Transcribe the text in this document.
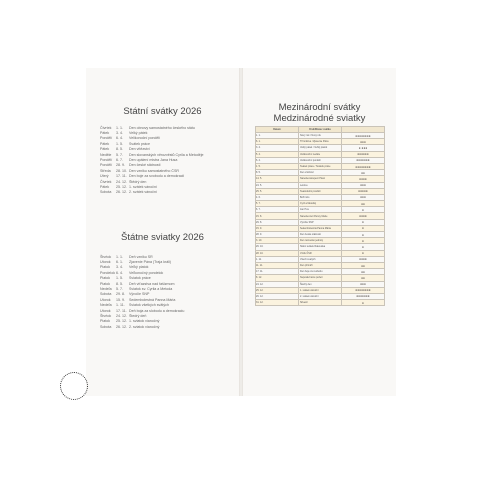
Státní svátky 2026
Čtvrtek	1. 1.	Den obnovy samostatného českého státu
Pátek	3. 4.	Velký pátek
Pondělí	6. 4.	Velikonoční pondělí
Pátek	1. 5.	Svátek práce
Pátek	8. 5.	Den vítězství
Neděle	5. 7.	Den slovanských věrozvěstů Cyrila a Metoděje
Pondělí	6. 7.	Den upálení mistra Jana Husa
Pondělí	28. 9.	Den české státnosti
Středa	28. 10. Den vzniku samostatného ČSR
Úterý	17. 11. Den boje za svobodu a demokracii
Čtvrtek	24. 12. Štědrý den
Pátek	25. 12. 1. svátek vánoční
Sobota	26. 12. 2. svátek vánoční
Štátne sviatky 2026
Štvrtok	1. 1.	Deň vzniku SR
Utorok	6. 1.	Zjavenie Pána (Traja králi)
Piatok	3. 4.	Veľký piatok
Pondelok 6. 4.	Veľkonočný pondelok
Piatok	1. 5.	Sviatok práce
Piatok	8. 5.	Deň víťazstva nad fašizmom
Nedeľa	5. 7.	Sviatok sv. Cyrila a Metoda
Sobota	29. 8.	Výročie SNP
Utorok	15. 9.	Sedembolestná Panna Mária
Nedeľa	1. 11.	Sviatok všetkých svätých
Utorok	17. 11. Deň boja za slobodu a demokraciu
Štvrtok	24. 12. Štedrý deň
Piatok	25. 12. 1. sviatok vianočný
Sobota	26. 12. 2. sviatok vianočný
Mezinárodní svátky
Medzinárodné sviatky
Datum	Druh/Název svátku	
1. 1.	Nový rok / Nový rok	●●●●●●●●
6. 1.	Tři králové / Zjavenie Pána	●●●
3. 4.	Velký pátek / Veľký piatok	● ●●●
5. 4.	Velikonoční neděle	●●●●●●
6. 4.	Velikonoční pondělí	●●●●●●●
1. 5.	Svátek práce / Sviatok práce	●●●●●●●●
8. 5.	Den vítězství	●●
14. 5.	Nanebevstoupení Páně	●●●●
24. 5.	Letnice	●●●
25. 5.	Svatodušní pondělí	●●●●●
4. 6.	Boží tělo	●●●
5. 7.	Cyril a Metoděj	●●
6. 7.	Jan Hus	●
15. 8.	Nanebevzetí Panny Marie	●●●●
29. 8.	Výročie SNP	●
15. 9.	Sedembolestná Panna Mária	●
28. 9.	Den české státnosti	●
3. 10.	Den německé jednoty	●
26. 10.	Státní svátek Rakouska	●
28. 10.	Vznik ČSR	●
1. 11.	Všech svatých	●●●●
11. 11.	Den příměří	●●
17. 11.	Den boje za svobodu	●●
8. 12.	Neposkvrněné početí	●●
24. 12.	Štědrý den	●●●
25. 12.	1. svátek vánoční	●●●●●●●●
26. 12.	2. svátek vánoční	●●●●●●●
31. 12.	Silvestr	●
